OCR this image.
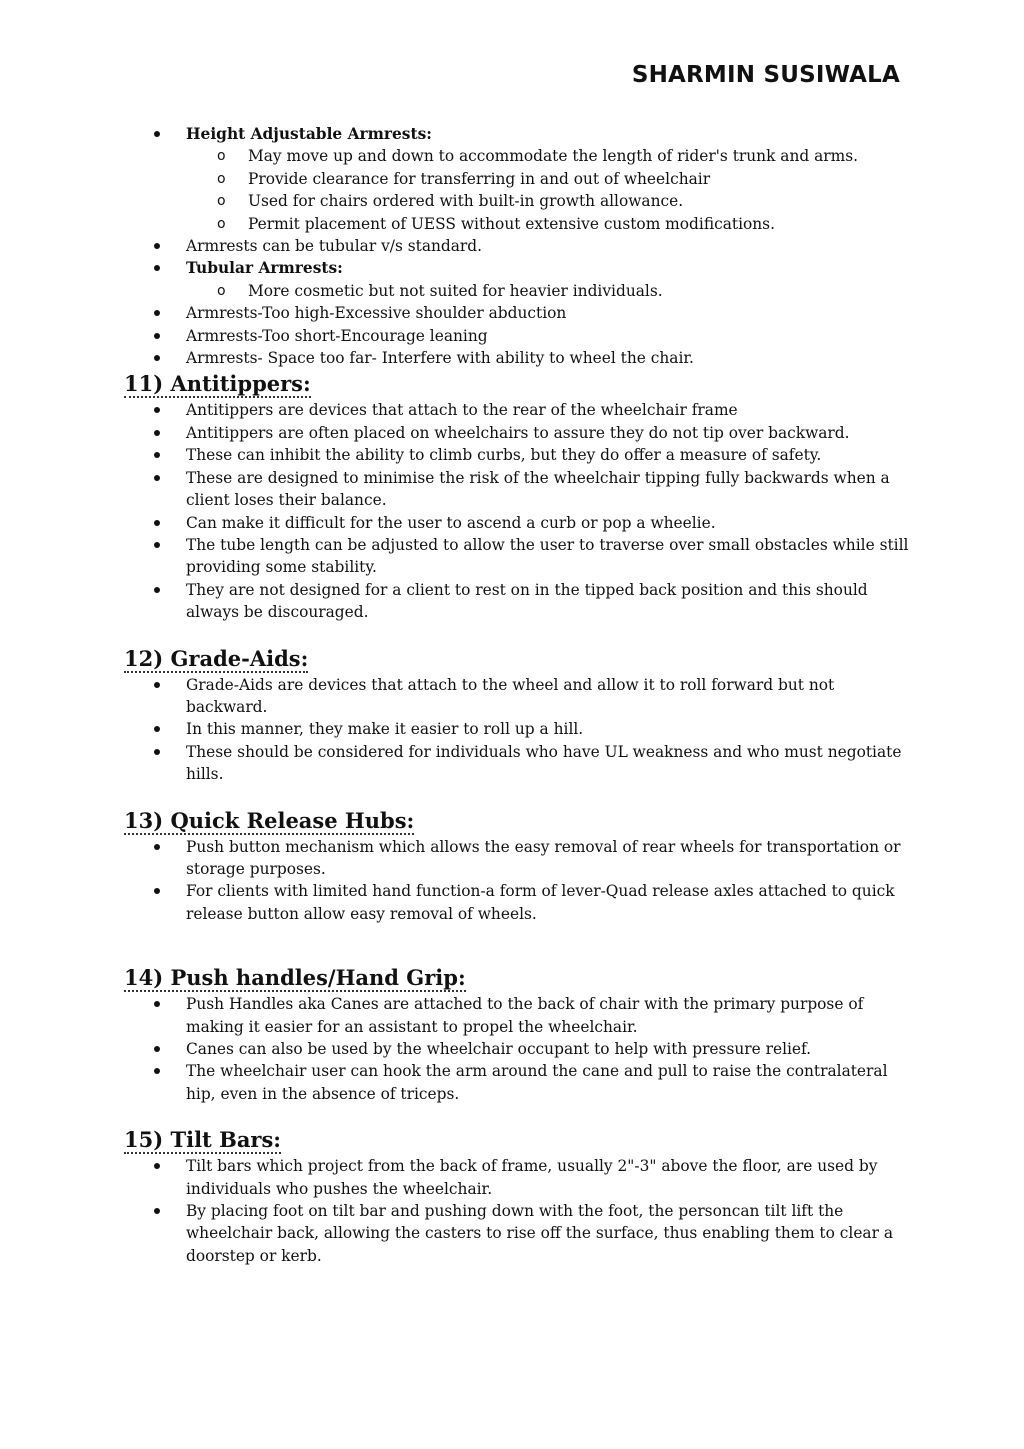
SHARMIN SUSIWALA
Height Adjustable Armrests:
o May move up and down to accommodate the length of rider's trunk and arms.
o Provide clearance for transferring in and out of wheelchair
o Used for chairs ordered with built-in growth allowance.
o Permit placement of UESS without extensive custom modifications.
Armrests can be tubular v/s standard.
Tubular Armrests:
o More cosmetic but not suited for heavier individuals.
Armrests-Too high-Excessive shoulder abduction
Armrests-Too short-Encourage leaning
Armrests- Space too far- Interfere with ability to wheel the chair.
11) Antitippers:
Antitippers are devices that attach to the rear of the wheelchair frame
Antitippers are often placed on wheelchairs to assure they do not tip over backward.
These can inhibit the ability to climb curbs, but they do offer a measure of safety.
These are designed to minimise the risk of the wheelchair tipping fully backwards when a client loses their balance.
Can make it difficult for the user to ascend a curb or pop a wheelie.
The tube length can be adjusted to allow the user to traverse over small obstacles while still providing some stability.
They are not designed for a client to rest on in the tipped back position and this should always be discouraged.
12) Grade-Aids:
Grade-Aids are devices that attach to the wheel and allow it to roll forward but not backward.
In this manner, they make it easier to roll up a hill.
These should be considered for individuals who have UL weakness and who must negotiate hills.
13) Quick Release Hubs:
Push button mechanism which allows the easy removal of rear wheels for transportation or storage purposes.
For clients with limited hand function-a form of lever-Quad release axles attached to quick release button allow easy removal of wheels.
14) Push handles/Hand Grip:
Push Handles aka Canes are attached to the back of chair with the primary purpose of making it easier for an assistant to propel the wheelchair.
Canes can also be used by the wheelchair occupant to help with pressure relief.
The wheelchair user can hook the arm around the cane and pull to raise the contralateral hip, even in the absence of triceps.
15) Tilt Bars:
Tilt bars which project from the back of frame, usually 2"-3" above the floor, are used by individuals who pushes the wheelchair.
By placing foot on tilt bar and pushing down with the foot, the personcan tilt lift the wheelchair back, allowing the casters to rise off the surface, thus enabling them to clear a doorstep or kerb.
